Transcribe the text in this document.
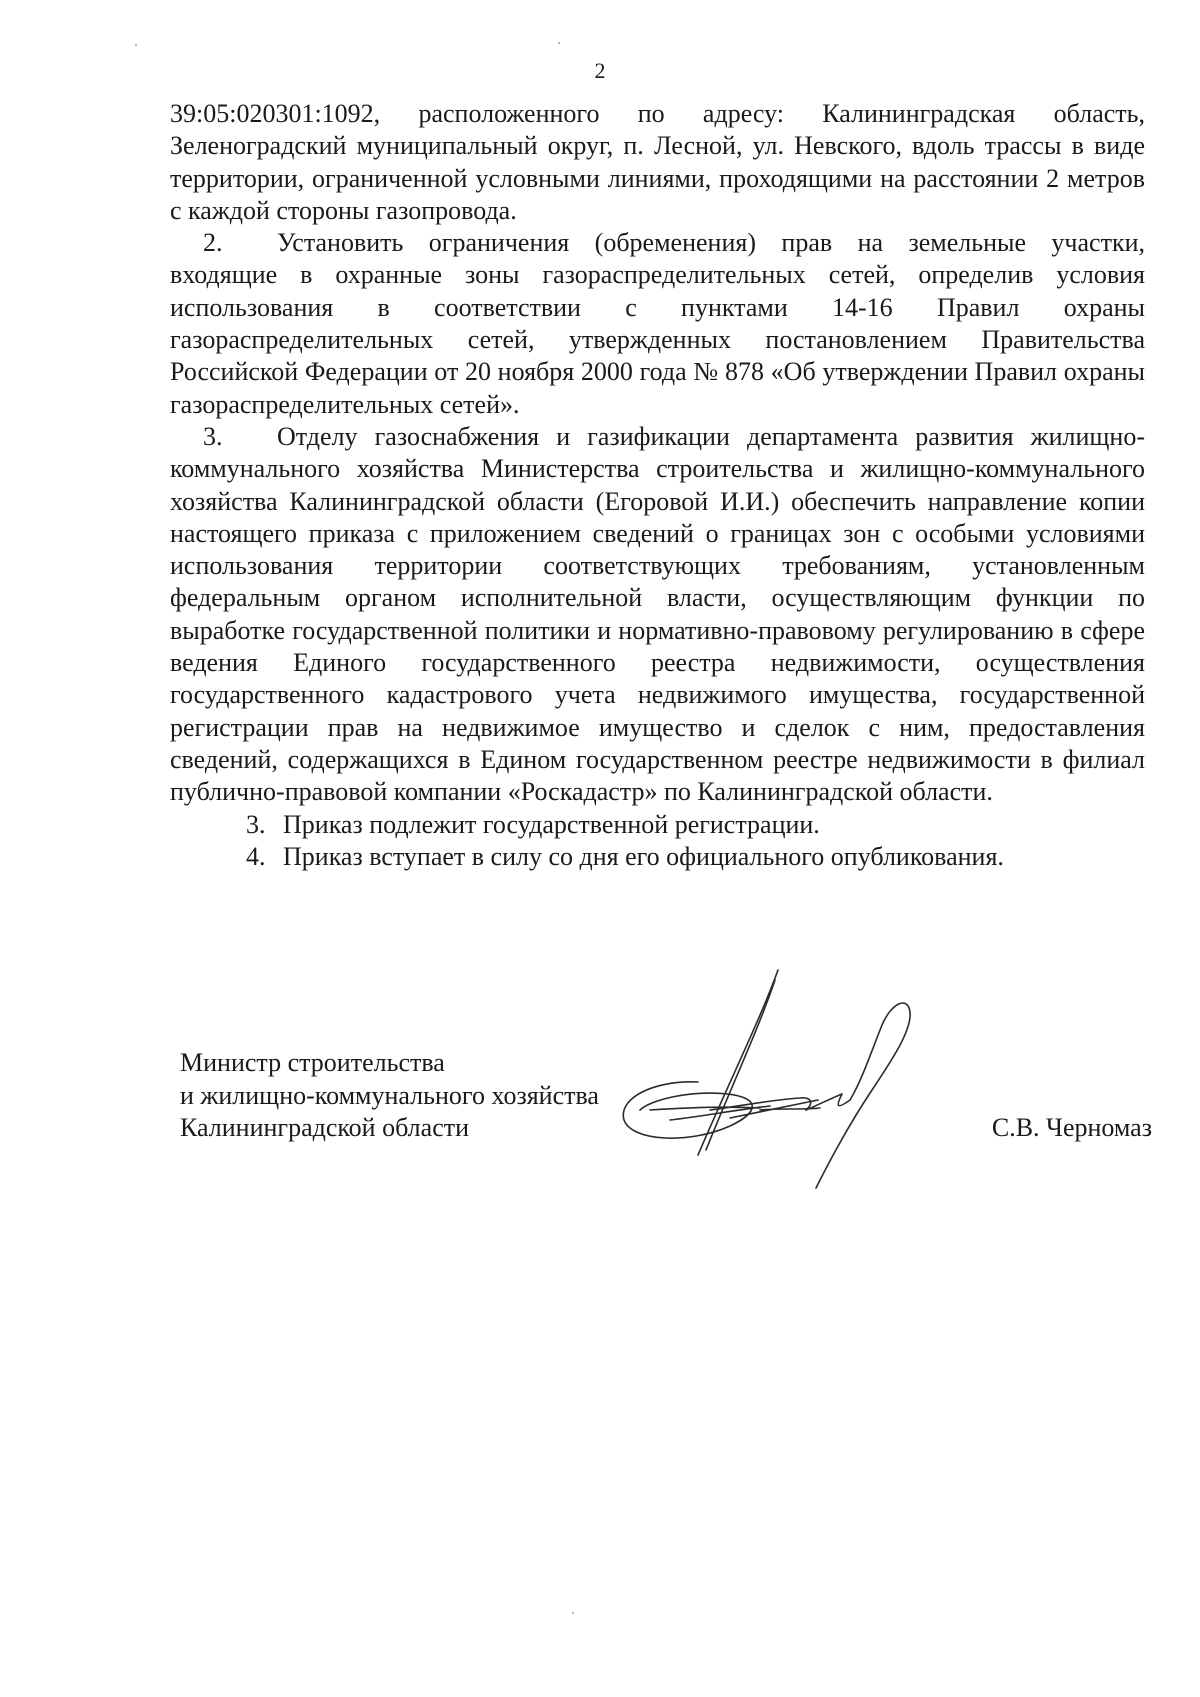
2

39:05:020301:1092, расположенного по адресу: Калининградская область, Зеленоградский муниципальный округ, п. Лесной, ул. Невского, вдоль трассы в виде территории, ограниченной условными линиями, проходящими на расстоянии 2 метров с каждой стороны газопровода.

2. Установить ограничения (обременения) прав на земельные участки, входящие в охранные зоны газораспределительных сетей, определив условия использования в соответствии с пунктами 14-16 Правил охраны газораспределительных сетей, утвержденных постановлением Правительства Российской Федерации от 20 ноября 2000 года № 878 «Об утверждении Правил охраны газораспределительных сетей».

3. Отделу газоснабжения и газификации департамента развития жилищно-коммунального хозяйства Министерства строительства и жилищно-коммунального хозяйства Калининградской области (Егоровой И.И.) обеспечить направление копии настоящего приказа с приложением сведений о границах зон с особыми условиями использования территории соответствующих требованиям, установленным федеральным органом исполнительной власти, осуществляющим функции по выработке государственной политики и нормативно-правовому регулированию в сфере ведения Единого государственного реестра недвижимости, осуществления государственного кадастрового учета недвижимого имущества, государственной регистрации прав на недвижимое имущество и сделок с ним, предоставления сведений, содержащихся в Едином государственном реестре недвижимости в филиал публично-правовой компании «Роскадастр» по Калининградской области.

3. Приказ подлежит государственной регистрации.

4. Приказ вступает в силу со дня его официального опубликования.

Министр строительства
и жилищно-коммунального хозяйства
Калининградской области	С.В. Черномаз
